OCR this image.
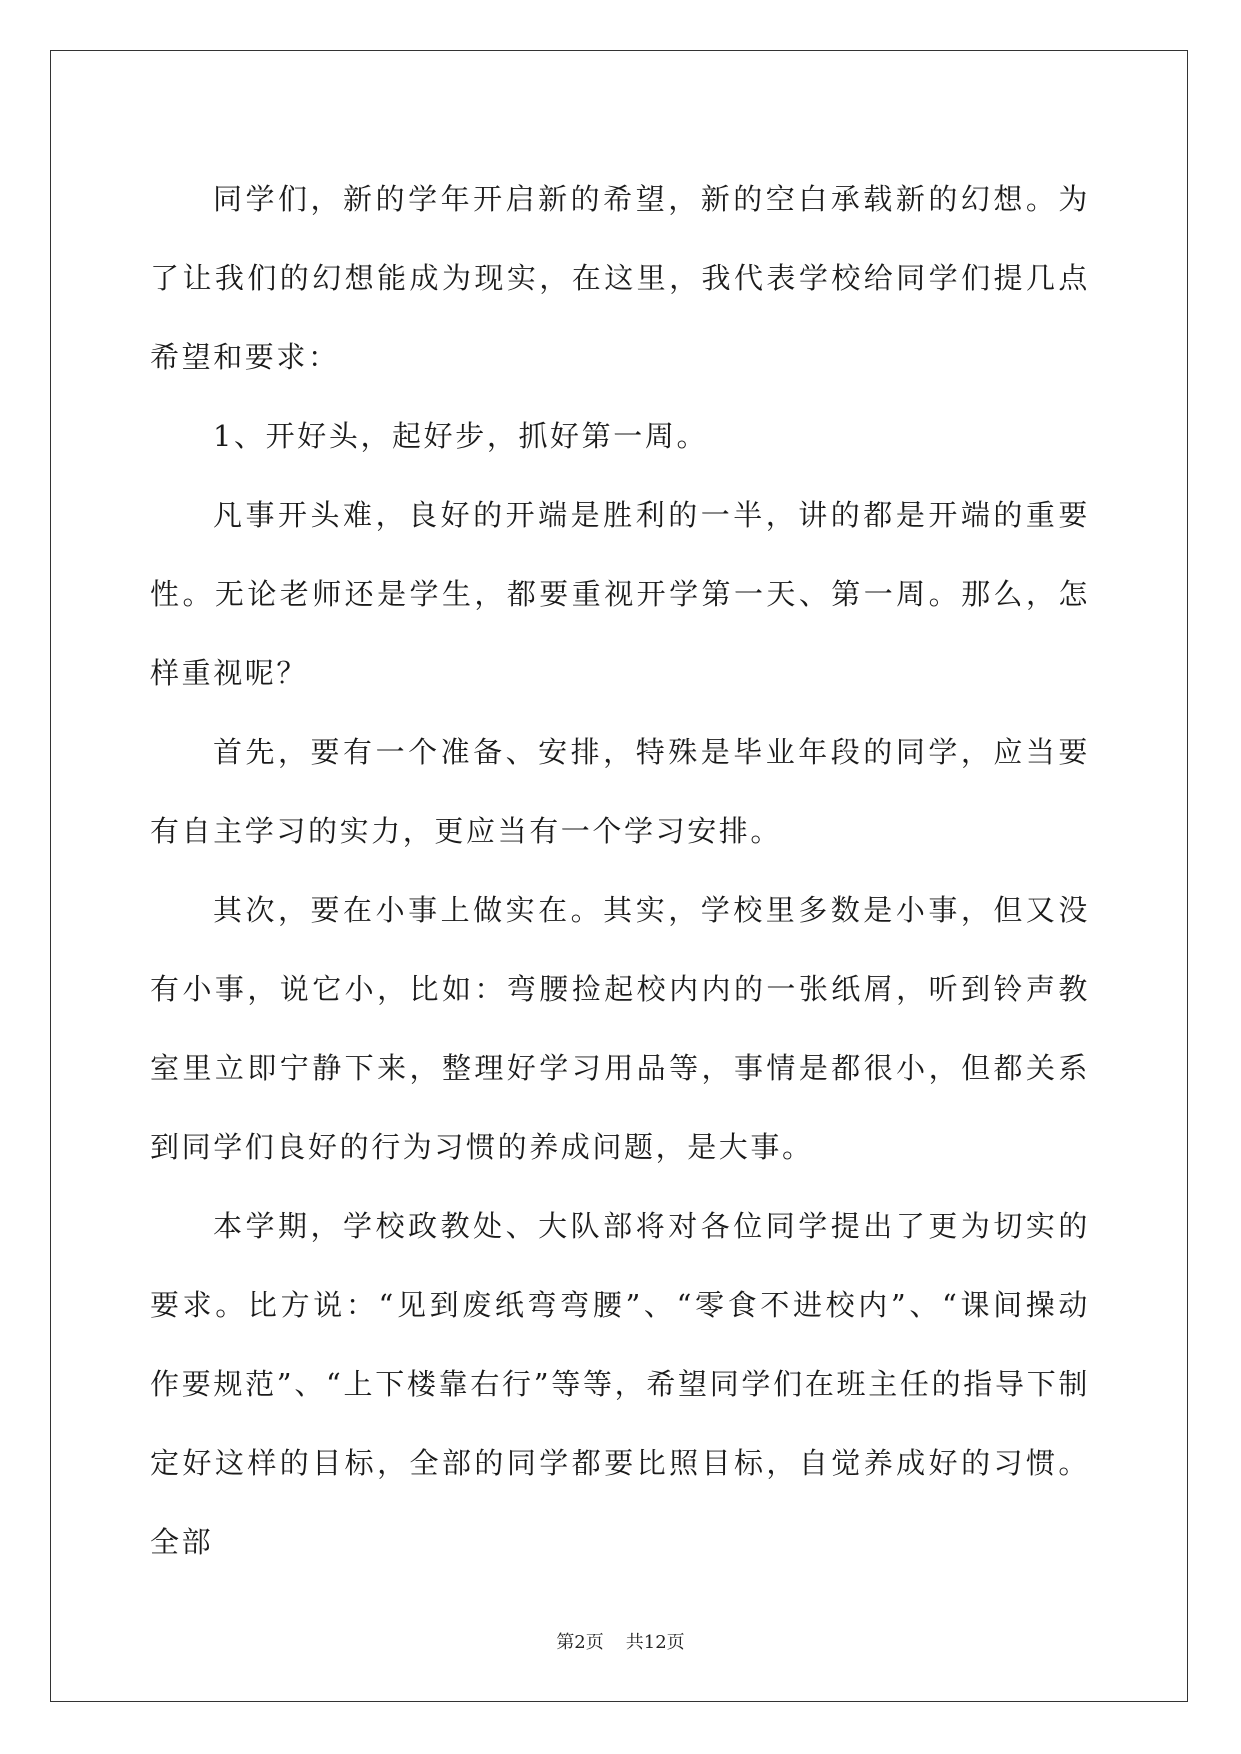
同学们，新的学年开启新的希望，新的空白承载新的幻想。为了让我们的幻想能成为现实，在这里，我代表学校给同学们提几点希望和要求：

1、开好头，起好步，抓好第一周。

凡事开头难，良好的开端是胜利的一半，讲的都是开端的重要性。无论老师还是学生，都要重视开学第一天、第一周。那么，怎样重视呢？

首先，要有一个准备、安排，特殊是毕业年段的同学，应当要有自主学习的实力，更应当有一个学习安排。

其次，要在小事上做实在。其实，学校里多数是小事，但又没有小事，说它小，比如：弯腰捡起校内内的一张纸屑，听到铃声教室里立即宁静下来，整理好学习用品等，事情是都很小，但都关系到同学们良好的行为习惯的养成问题，是大事。

本学期，学校政教处、大队部将对各位同学提出了更为切实的要求。比方说：“见到废纸弯弯腰”、“零食不进校内”、“课间操动作要规范”、“上下楼靠右行”等等，希望同学们在班主任的指导下制定好这样的目标，全部的同学都要比照目标，自觉养成好的习惯。全部

第2页 共12页
